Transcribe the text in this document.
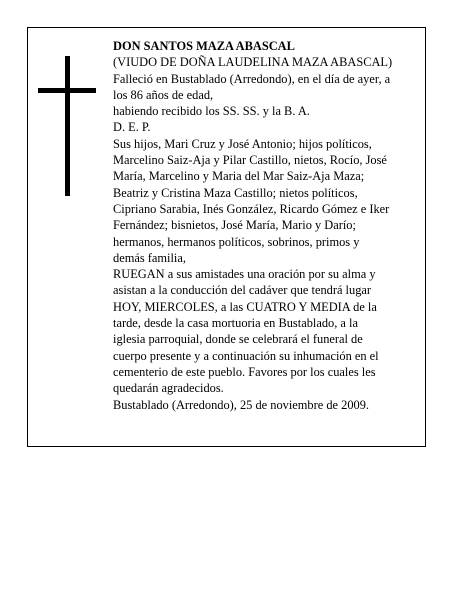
DON SANTOS MAZA ABASCAL
(VIUDO DE DOÑA LAUDELINA MAZA ABASCAL)
Falleció en Bustablado (Arredondo), en el día de ayer, a
los 86 años de edad,
habiendo recibido los SS. SS. y la B. A.
D. E. P.
Sus hijos, Mari Cruz y José Antonio; hijos políticos,
Marcelino Saiz-Aja y Pilar Castillo, nietos, Rocío, José
María, Marcelino y Maria del Mar Saiz-Aja Maza;
Beatriz y Cristina Maza Castillo; nietos políticos,
Cipriano Sarabia, Inés González, Ricardo Gómez e Iker
Fernández; bisnietos, José María, Mario y Darío;
hermanos, hermanos políticos, sobrinos, primos y
demás familia,
RUEGAN a sus amistades una oración por su alma y
asistan a la conducción del cadáver que tendrá lugar
HOY, MIERCOLES, a las CUATRO Y MEDIA de la
tarde, desde la casa mortuoria en Bustablado, a la
iglesia parroquial, donde se celebrará el funeral de
cuerpo presente y a continuación su inhumación en el
cementerio de este pueblo. Favores por los cuales les
quedarán agradecidos.
Bustablado (Arredondo), 25 de noviembre de 2009.
